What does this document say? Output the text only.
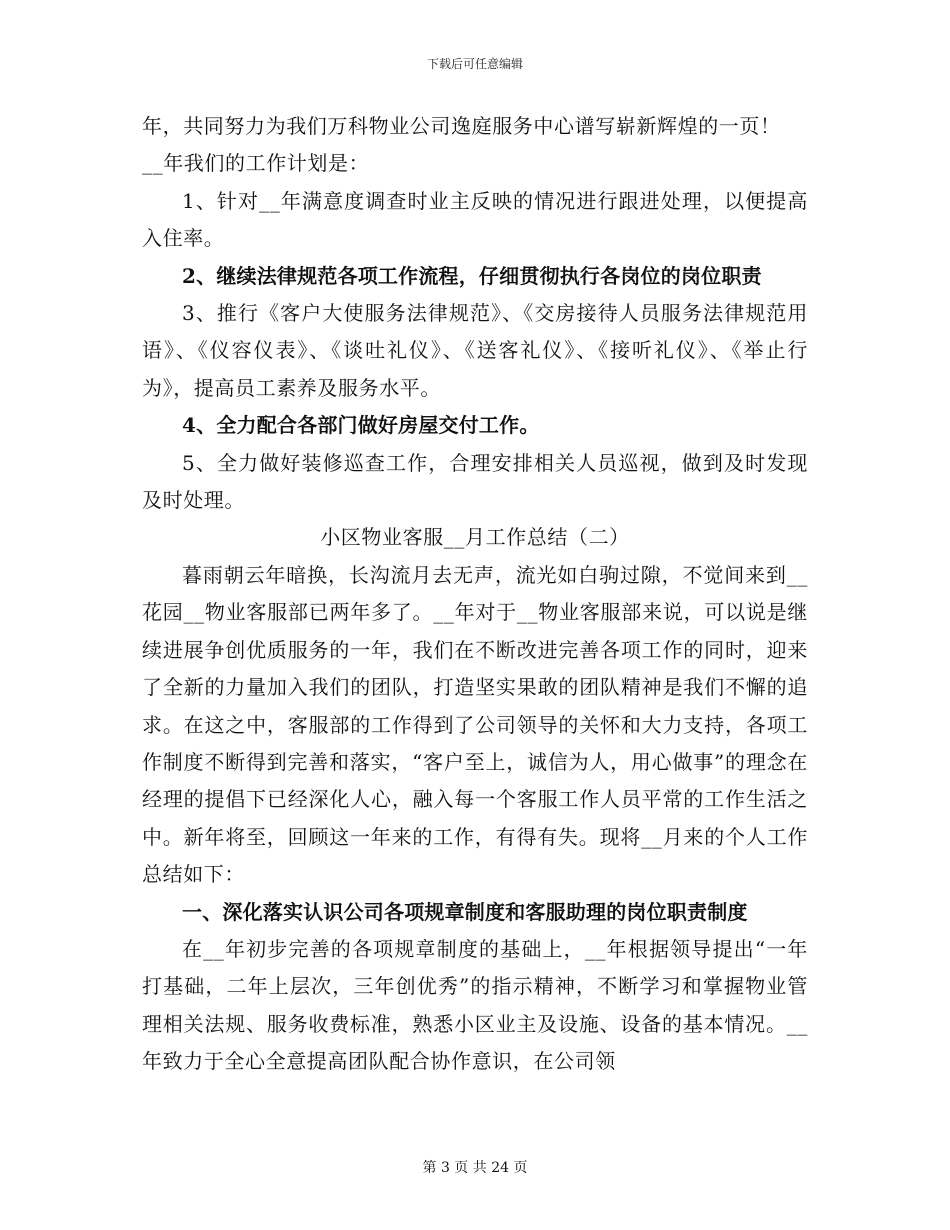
下载后可任意编辑

年，共同努力为我们万科物业公司逸庭服务中心谱写崭新辉煌的一页！

__年我们的工作计划是：

1、针对__年满意度调查时业主反映的情况进行跟进处理，以便提高入住率。

2、继续法律规范各项工作流程，仔细贯彻执行各岗位的岗位职责

3、推行《客户大使服务法律规范》、《交房接待人员服务法律规范用语》、《仪容仪表》、《谈吐礼仪》、《送客礼仪》、《接听礼仪》、《举止行为》，提高员工素养及服务水平。

4、全力配合各部门做好房屋交付工作。

5、全力做好装修巡查工作，合理安排相关人员巡视，做到及时发现及时处理。

小区物业客服__月工作总结（二）

暮雨朝云年暗换，长沟流月去无声，流光如白驹过隙，不觉间来到__花园__物业客服部已两年多了。__年对于__物业客服部来说，可以说是继续进展争创优质服务的一年，我们在不断改进完善各项工作的同时，迎来了全新的力量加入我们的团队，打造坚实果敢的团队精神是我们不懈的追求。在这之中，客服部的工作得到了公司领导的关怀和大力支持，各项工作制度不断得到完善和落实，“客户至上，诚信为人，用心做事”的理念在经理的提倡下已经深化人心，融入每一个客服工作人员平常的工作生活之中。新年将至，回顾这一年来的工作，有得有失。现将__月来的个人工作总结如下：

一、深化落实认识公司各项规章制度和客服助理的岗位职责制度

在__年初步完善的各项规章制度的基础上，__年根据领导提出“一年打基础，二年上层次，三年创优秀”的指示精神，不断学习和掌握物业管理相关法规、服务收费标准，熟悉小区业主及设施、设备的基本情况。__年致力于全心全意提高团队配合协作意识，在公司领

第 3 页 共 24 页
